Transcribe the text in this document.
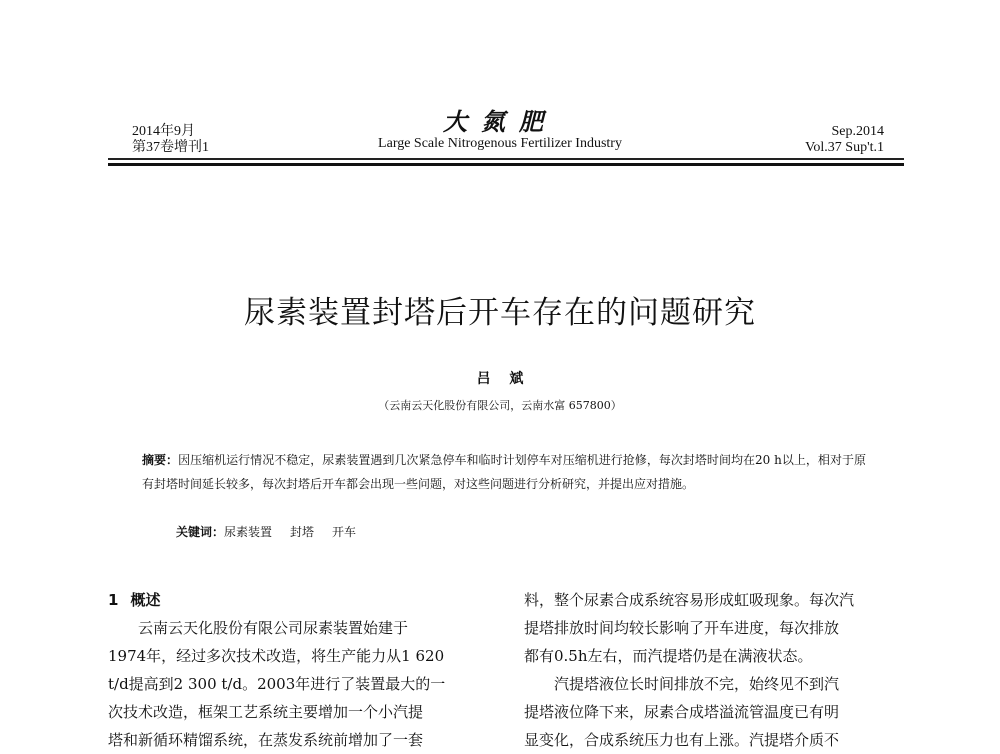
2014年9月
第37卷增刊1
大氮肥
Large Scale Nitrogenous Fertilizer Industry
Sep.2014
Vol.37 Sup't.1
尿素装置封塔后开车存在的问题研究
吕 斌
（云南云天化股份有限公司，云南水富 657800）
摘要：因压缩机运行情况不稳定，尿素装置遇到几次紧急停车和临时计划停车对压缩机进行抢修，每次封塔时间均在20 h以上，相对于原有封塔时间延长较多，每次封塔后开车都会出现一些问题，对这些问题进行分析研究，并提出应对措施。
关键词：尿素装置 封塔 开车
1 概述
　　云南云天化股份有限公司尿素装置始建于
1974年，经过多次技术改造，将生产能力从1 620
t/d提高到2 300 t/d。2003年进行了装置最大的一
次技术改造，框架工艺系统主要增加一个小汽提
塔和新循环精馏系统，在蒸发系统前增加了一套
料，整个尿素合成系统容易形成虹吸现象。每次汽
提塔排放时间均较长影响了开车进度，每次排放
都有0.5h左右，而汽提塔仍是在满液状态。
　　汽提塔液位长时间排放不完，始终见不到汽
提塔液位降下来，尿素合成塔溢流管温度已有明
显变化，合成系统压力也有上涨。汽提塔介质不
